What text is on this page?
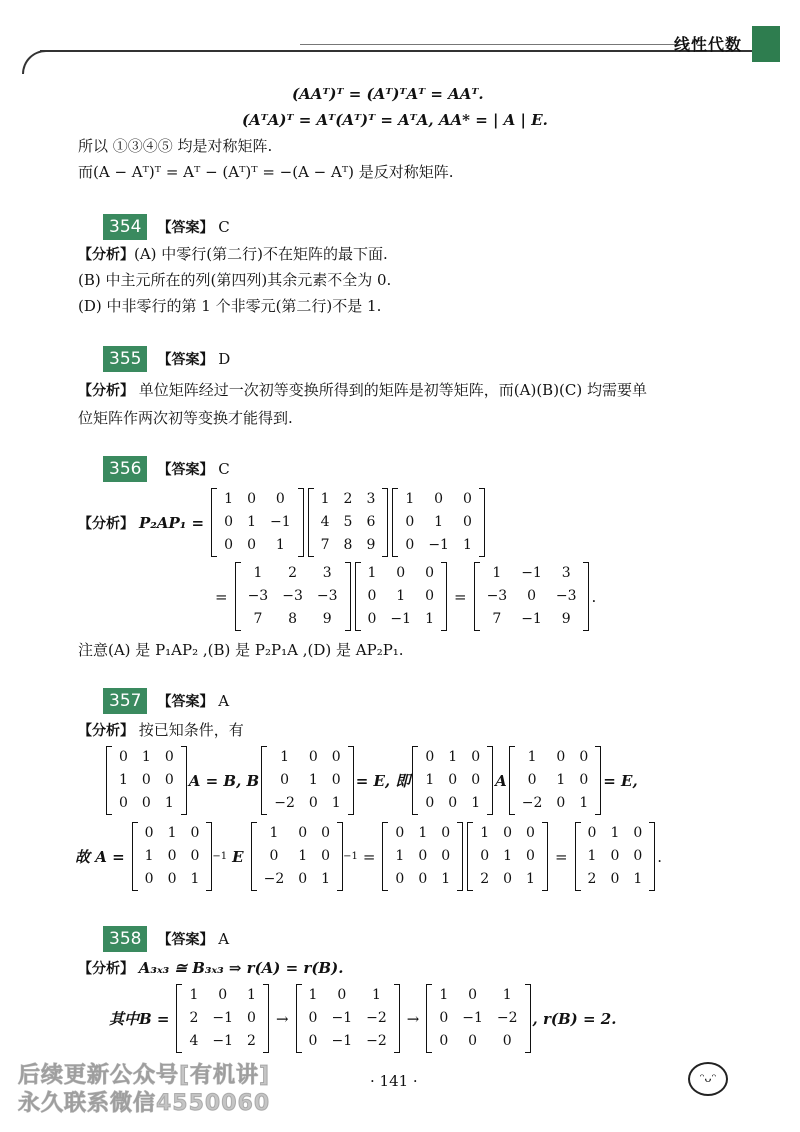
线性代数
(AAᵀ)ᵀ = (Aᵀ)ᵀAᵀ = AAᵀ.
(AᵀA)ᵀ = Aᵀ(Aᵀ)ᵀ = AᵀA, AA* = | A | E.
所以 ①③④⑤ 均是对称矩阵.
而(A − Aᵀ)ᵀ = Aᵀ − (Aᵀ)ᵀ = −(A − Aᵀ) 是反对称矩阵.
354 【答案】 C
【分析】(A) 中零行(第二行)不在矩阵的最下面.
(B) 中主元所在的列(第四列)其余元素不全为 0.
(D) 中非零行的第 1 个非零元(第二行)不是 1.
355 【答案】 D
【分析】 单位矩阵经过一次初等变换所得到的矩阵是初等矩阵，而(A)(B)(C) 均需要单
位矩阵作两次初等变换才能得到.
356 【答案】 C
【分析】 P₂AP₁ =
1	0	0
0	1	−1
0	0	1
1	2	3
4	5	6
7	8	9
1	0	0
0	1	0
0	−1	1
=
1	2	3
−3	−3	−3
7	8	9
1	0	0
0	1	0
0	−1	1
=
1	−1	3
−3	0	−3
7	−1	9
.
注意(A) 是 P₁AP₂ ,(B) 是 P₂P₁A ,(D) 是 AP₂P₁.
357 【答案】 A
【分析】 按已知条件，有
0	1	0
1	0	0
0	0	1
A = B, B
1	0	0
0	1	0
−2	0	1
= E, 即
0	1	0
1	0	0
0	0	1
A
1	0	0
0	1	0
−2	0	1
= E,
故 A =
0	1	0
1	0	0
0	0	1
−1 E
1	0	0
0	1	0
−2	0	1
−1 =
0	1	0
1	0	0
0	0	1
1	0	0
0	1	0
2	0	1
=
0	1	0
1	0	0
2	0	1
.
358 【答案】 A
【分析】 A₃ₓ₃ ≅ B₃ₓ₃ ⇒ r(A) = r(B).
其中B =
1	0	1
2	−1	0
4	−1	2
→
1	0	1
0	−1	−2
0	−1	−2
→
1	0	1
0	−1	−2
0	0	0
, r(B) = 2.
· 141 ·
后续更新公众号[有机讲]
永久联系微信4550060
ᵔᴗᵔ
